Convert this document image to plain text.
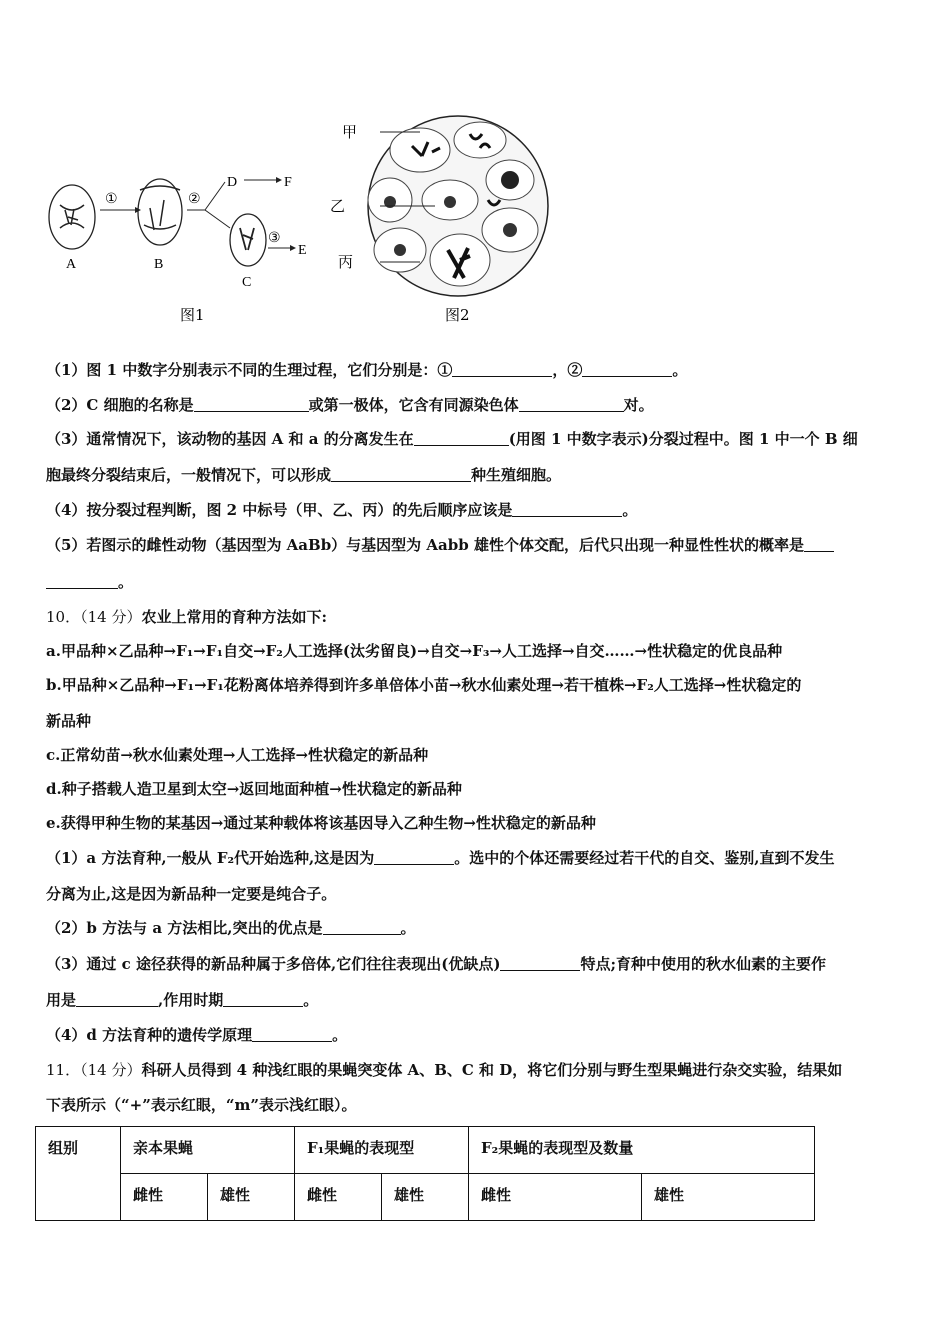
A
①
B
②
D	F
C
③
E
图1
甲
乙
丙
图2
（1）图 1 中数字分别表示不同的生理过程，它们分别是：①	，②	。
（2）C 细胞的名称是	或第一极体，它含有同源染色体	对。
（3）通常情况下，该动物的基因 A 和 a 的分离发生在	(用图 1 中数字表示)分裂过程中。图 1 中一个 B 细
胞最终分裂结束后，一般情况下，可以形成	种生殖细胞。
（4）按分裂过程判断，图 2 中标号（甲、乙、丙）的先后顺序应该是	。
（5）若图示的雌性动物（基因型为 AaBb）与基因型为 Aabb 雄性个体交配，后代只出现一种显性性状的概率是
。
10．（14 分）农业上常用的育种方法如下:
a.甲品种×乙品种→F₁→F₁自交→F₂人工选择(汰劣留良)→自交→F₃→人工选择→自交……→性状稳定的优良品种
b.甲品种×乙品种→F₁→F₁花粉离体培养得到许多单倍体小苗→秋水仙素处理→若干植株→F₂人工选择→性状稳定的
新品种
c.正常幼苗→秋水仙素处理→人工选择→性状稳定的新品种
d.种子搭载人造卫星到太空→返回地面种植→性状稳定的新品种
e.获得甲种生物的某基因→通过某种载体将该基因导入乙种生物→性状稳定的新品种
（1）a 方法育种,一般从 F₂代开始选种,这是因为	。选中的个体还需要经过若干代的自交、鉴别,直到不发生
分离为止,这是因为新品种一定要是纯合子。
（2）b 方法与 a 方法相比,突出的优点是	。
（3）通过 c 途径获得的新品种属于多倍体,它们往往表现出(优缺点)	特点;育种中使用的秋水仙素的主要作
用是	,作用时期	。
（4）d 方法育种的遗传学原理	。
11．（14 分）科研人员得到 4 种浅红眼的果蝇突变体 A、B、C 和 D，将它们分别与野生型果蝇进行杂交实验，结果如
下表所示（“+”表示红眼，“m”表示浅红眼）。
组别	亲本果蝇		F₁果蝇的表现型		F₂果蝇的表现型及数量	
	雌性	雄性	雌性	雄性	雌性	雄性
